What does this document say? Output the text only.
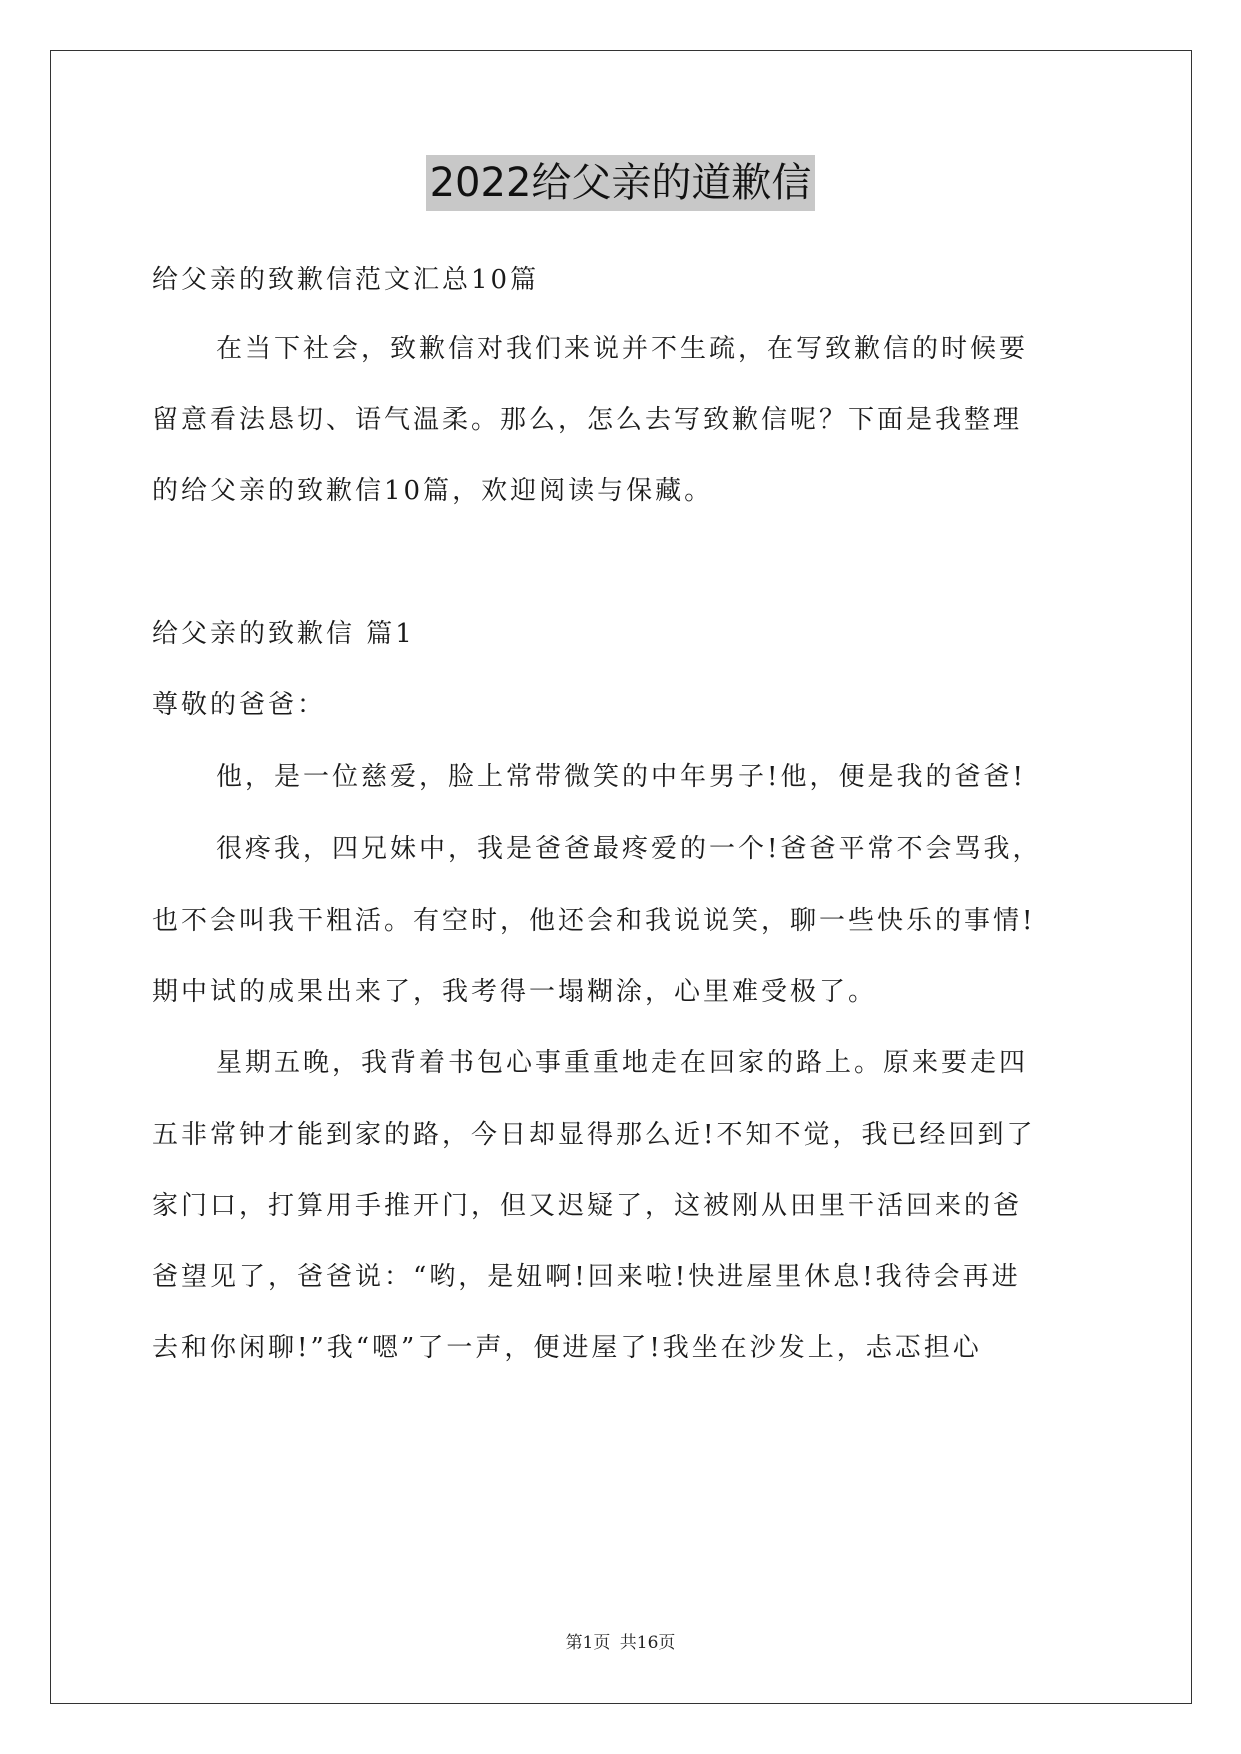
2022给父亲的道歉信
给父亲的致歉信范文汇总10篇
在当下社会，致歉信对我们来说并不生疏，在写致歉信的时候要
留意看法恳切、语气温柔。那么，怎么去写致歉信呢？下面是我整理
的给父亲的致歉信10篇，欢迎阅读与保藏。
给父亲的致歉信 篇1
尊敬的爸爸：
他，是一位慈爱，脸上常带微笑的中年男子!他，便是我的爸爸!
很疼我，四兄妹中，我是爸爸最疼爱的一个!爸爸平常不会骂我，
也不会叫我干粗活。有空时，他还会和我说说笑，聊一些快乐的事情!
期中试的成果出来了，我考得一塌糊涂，心里难受极了。
星期五晚，我背着书包心事重重地走在回家的路上。原来要走四
五非常钟才能到家的路，今日却显得那么近!不知不觉，我已经回到了
家门口，打算用手推开门，但又迟疑了，这被刚从田里干活回来的爸
爸望见了，爸爸说：“哟，是妞啊!回来啦!快进屋里休息!我待会再进
去和你闲聊!”我“嗯”了一声，便进屋了!我坐在沙发上，忐忑担心
第1页 共16页
